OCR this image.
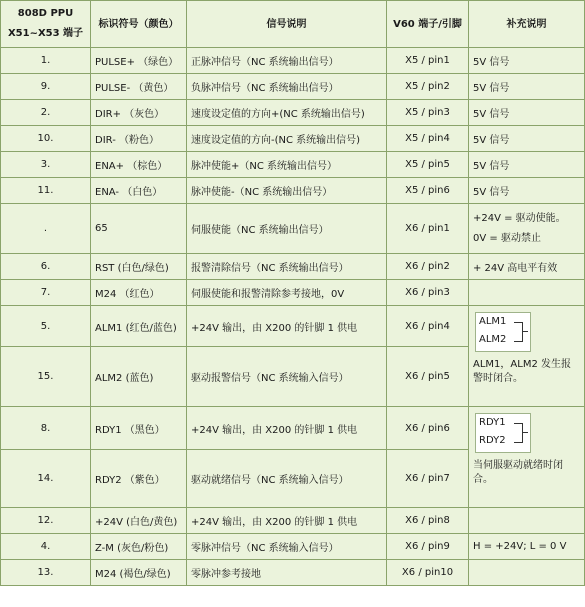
808D PPU
X51~X53 端子	标识符号（颜色）	信号说明	V60 端子/引脚	补充说明
1.	PULSE+ （绿色）	正脉冲信号（NC 系统输出信号）	X5 / pin1	5V 信号
9.	PULSE- （黄色）	负脉冲信号（NC 系统输出信号）	X5 / pin2	5V 信号
2.	DIR+ （灰色）	速度设定值的方向+(NC 系统输出信号)	X5 / pin3	5V 信号
10.	DIR- （粉色）	速度设定值的方向-(NC 系统输出信号)	X5 / pin4	5V 信号
3.	ENA+ （棕色）	脉冲使能+（NC 系统输出信号）	X5 / pin5	5V 信号
11.	ENA- （白色）	脉冲使能-（NC 系统输出信号）	X5 / pin6	5V 信号
.	65	伺服使能（NC 系统输出信号）	X6 / pin1	+24V = 驱动使能。
0V = 驱动禁止

6.	RST (白色/绿色)	报警清除信号（NC 系统输出信号）	X6 / pin2	+ 24V 高电平有效
7.	M24 （红色）	伺服使能和报警清除参考接地，0V	X6 / pin3	
5.	ALM1 (红色/蓝色)	+24V 输出，由 X200 的针脚 1 供电	X6 / pin4	ALM1
ALM2
ALM1，ALM2 发生报警时闭合。

15.	ALM2 (蓝色)	驱动报警信号（NC 系统输入信号）	X6 / pin5	
8.	RDY1 （黑色）	+24V 输出，由 X200 的针脚 1 供电	X6 / pin6	RDY1
RDY2
当伺服驱动就绪时闭合。

14.	RDY2 （紫色）	驱动就绪信号（NC 系统输入信号）	X6 / pin7	
12.	+24V (白色/黄色)	+24V 输出，由 X200 的针脚 1 供电	X6 / pin8	
4.	Z-M (灰色/粉色)	零脉冲信号（NC 系统输入信号）	X6 / pin9	H = +24V; L = 0 V
13.	M24 (褐色/绿色)	零脉冲参考接地	X6 / pin10	
